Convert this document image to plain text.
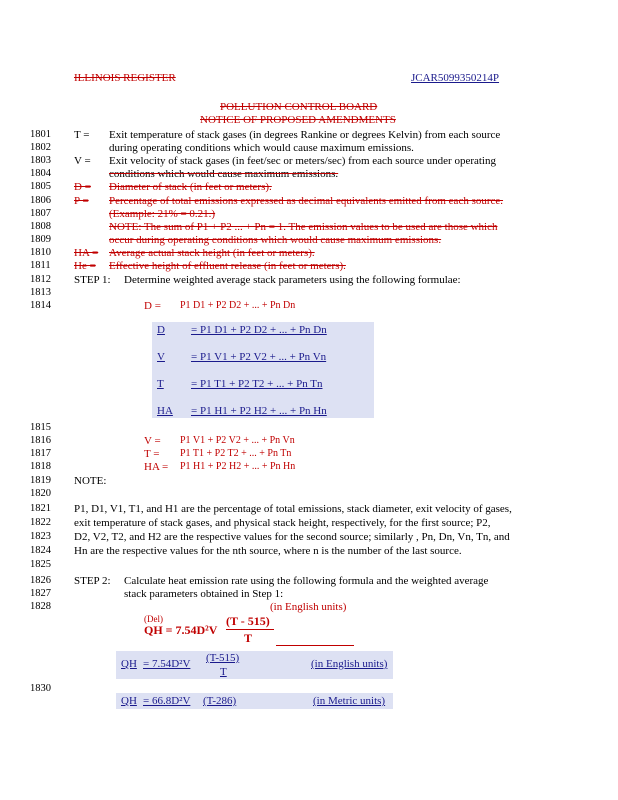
ILLINOIS REGISTER	JCAR5099350214P
POLLUTION CONTROL BOARD
NOTICE OF PROPOSED AMENDMENTS
1801
1802
1803
1804
1805
1806
1807
1808
1809
1810
1811
1812
1813
1814
1815
1816
1817
1818
1819
1820
1821
1822
1823
1824
1825
1826
1827
1828
1830
T = Exit temperature of stack gases (in degrees Rankine or degrees Kelvin) from each source
during operating conditions which would cause maximum emissions.
V = Exit velocity of stack gases (in feet/sec or meters/sec) from each source under operating
conditions which would cause maximum emissions.
D = Diameter of stack (in feet or meters).
P = Percentage of total emissions expressed as decimal equivalents emitted from each source.
(Example: 21% = 0.21.)
NOTE: The sum of P1 + P2 ... + Pn = 1. The emission values to be used are those which
occur during operating conditions which would cause maximum emissions.
HA = Average actual stack height (in feet or meters).
He = Effective height of effluent release (in feet or meters).
STEP 1: Determine weighted average stack parameters using the following formulae:
D = P1 D1 + P2 D2 + ... + Pn Dn
D = P1 D1 + P2 D2 + ... + Pn Dn
V = P1 V1 + P2 V2 + ... + Pn Vn
T = P1 T1 + P2 T2 + ... + Pn Tn
HA = P1 H1 + P2 H2 + ... + Pn Hn
V = P1 V1 + P2 V2 + ... + Pn Vn
T = P1 T1 + P2 T2 + ... + Pn Tn
HA = P1 H1 + P2 H2 + ... + Pn Hn
NOTE:
P1, D1, V1, T1, and H1 are the percentage of total emissions, stack diameter, exit velocity of gases,
exit temperature of stack gases, and physical stack height, respectively, for the first source; P2,
D2, V2, T2, and H2 are the respective values for the second source; similarly , Pn, Dn, Vn, Tn, and
Hn are the respective values for the nth source, where n is the number of the last source.
STEP 2: Calculate heat emission rate using the following formula and the weighted average
stack parameters obtained in Step 1:
(in English units)
(Del)
QH = 7.54D²V
(T - 515)
T
QH = 7.54D²V (T-515)
T
(in English units)
QH = 66.8D²V (T-286)	(in Metric units)
